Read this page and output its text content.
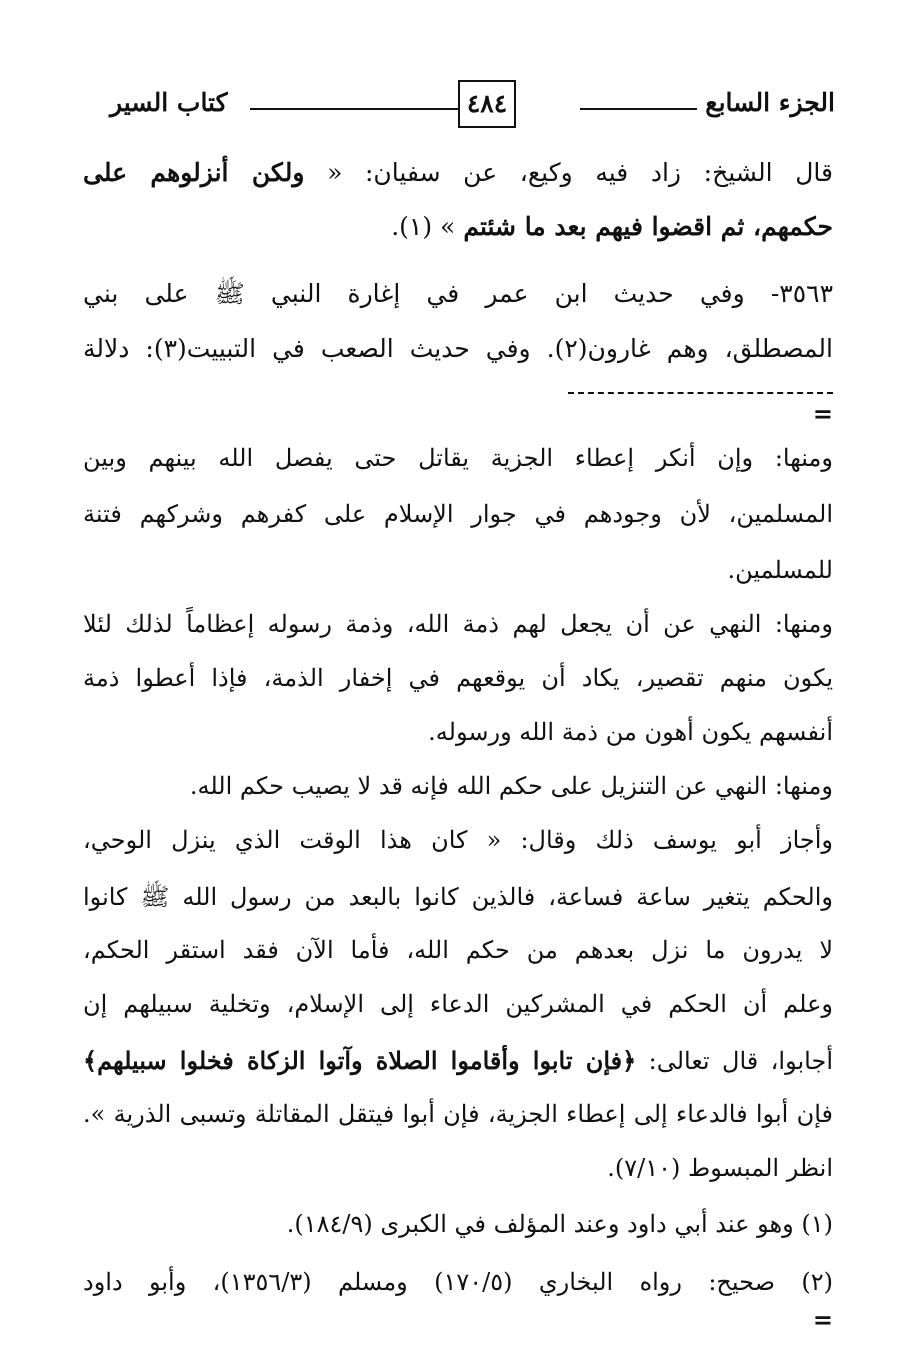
الجزء السابع
٤٨٤
كتاب السير
قال الشيخ: زاد فيه وكيع، عن سفيان: « ولكن أنزلوهم على
حكمهم، ثم اقضوا فيهم بعد ما شئتم » (١).
٣٥٦٣- وفي حديث ابن عمر في إغارة النبي ﷺ على بني
المصطلق، وهم غارون(٢). وفي حديث الصعب في التبييت(٣): دلالة
=
ومنها: وإن أنكر إعطاء الجزية يقاتل حتى يفصل الله بينهم وبين
المسلمين، لأن وجودهم في جوار الإسلام على كفرهم وشركهم فتنة
للمسلمين.
ومنها: النهي عن أن يجعل لهم ذمة الله، وذمة رسوله إعظاماً لذلك لئلا
يكون منهم تقصير، يكاد أن يوقعهم في إخفار الذمة، فإذا أعطوا ذمة
أنفسهم يكون أهون من ذمة الله ورسوله.
ومنها: النهي عن التنزيل على حكم الله فإنه قد لا يصيب حكم الله.
وأجاز أبو يوسف ذلك وقال: « كان هذا الوقت الذي ينزل الوحي،
والحكم يتغير ساعة فساعة، فالذين كانوا بالبعد من رسول الله ﷺ كانوا
لا يدرون ما نزل بعدهم من حكم الله، فأما الآن فقد استقر الحكم،
وعلم أن الحكم في المشركين الدعاء إلى الإسلام، وتخلية سبيلهم إن
أجابوا، قال تعالى: ﴿فإن تابوا وأقاموا الصلاة وآتوا الزكاة فخلوا سبيلهم﴾
فإن أبوا فالدعاء إلى إعطاء الجزية، فإن أبوا فيتقل المقاتلة وتسبى الذرية ».
انظر المبسوط (٧/١٠).
(١) وهو عند أبي داود وعند المؤلف في الكبرى (١٨٤/٩).
(٢) صحيح: رواه البخاري (١٧٠/٥) ومسلم (١٣٥٦/٣)، وأبو داود
=
